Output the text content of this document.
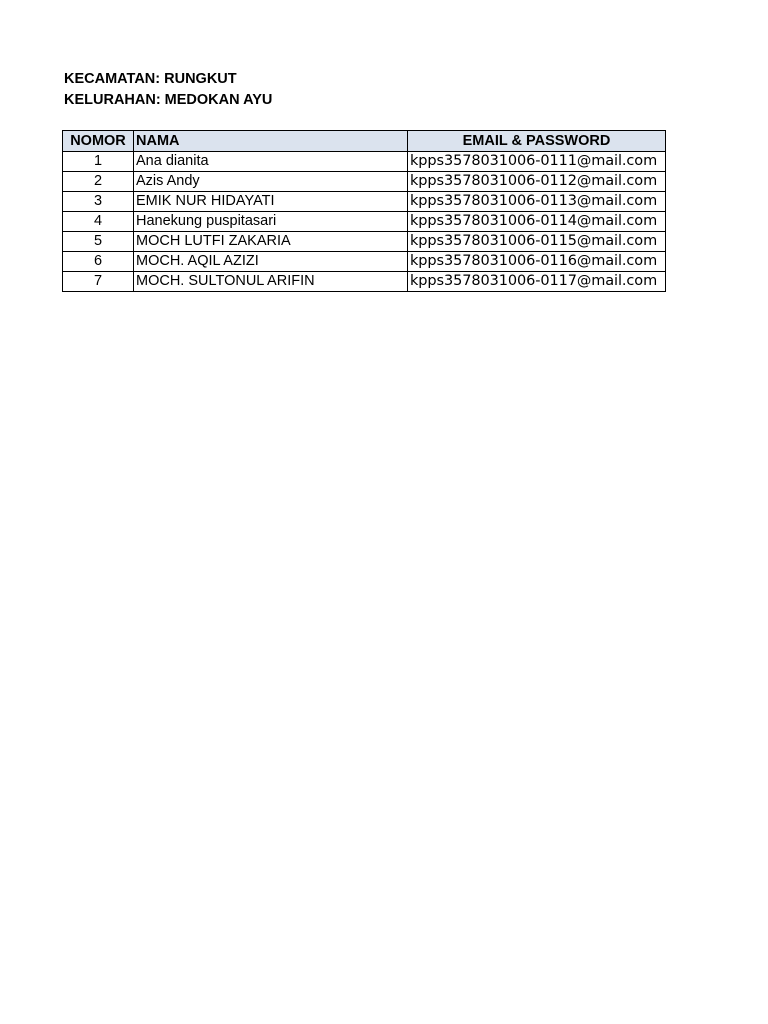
KECAMATAN: RUNGKUT
KELURAHAN: MEDOKAN AYU
NOMOR	NAMA	EMAIL & PASSWORD
1	Ana dianita	kpps3578031006-0111@mail.com
2	Azis Andy	kpps3578031006-0112@mail.com
3	EMIK NUR HIDAYATI	kpps3578031006-0113@mail.com
4	Hanekung puspitasari	kpps3578031006-0114@mail.com
5	MOCH LUTFI ZAKARIA	kpps3578031006-0115@mail.com
6	MOCH. AQIL AZIZI	kpps3578031006-0116@mail.com
7	MOCH. SULTONUL ARIFIN	kpps3578031006-0117@mail.com
